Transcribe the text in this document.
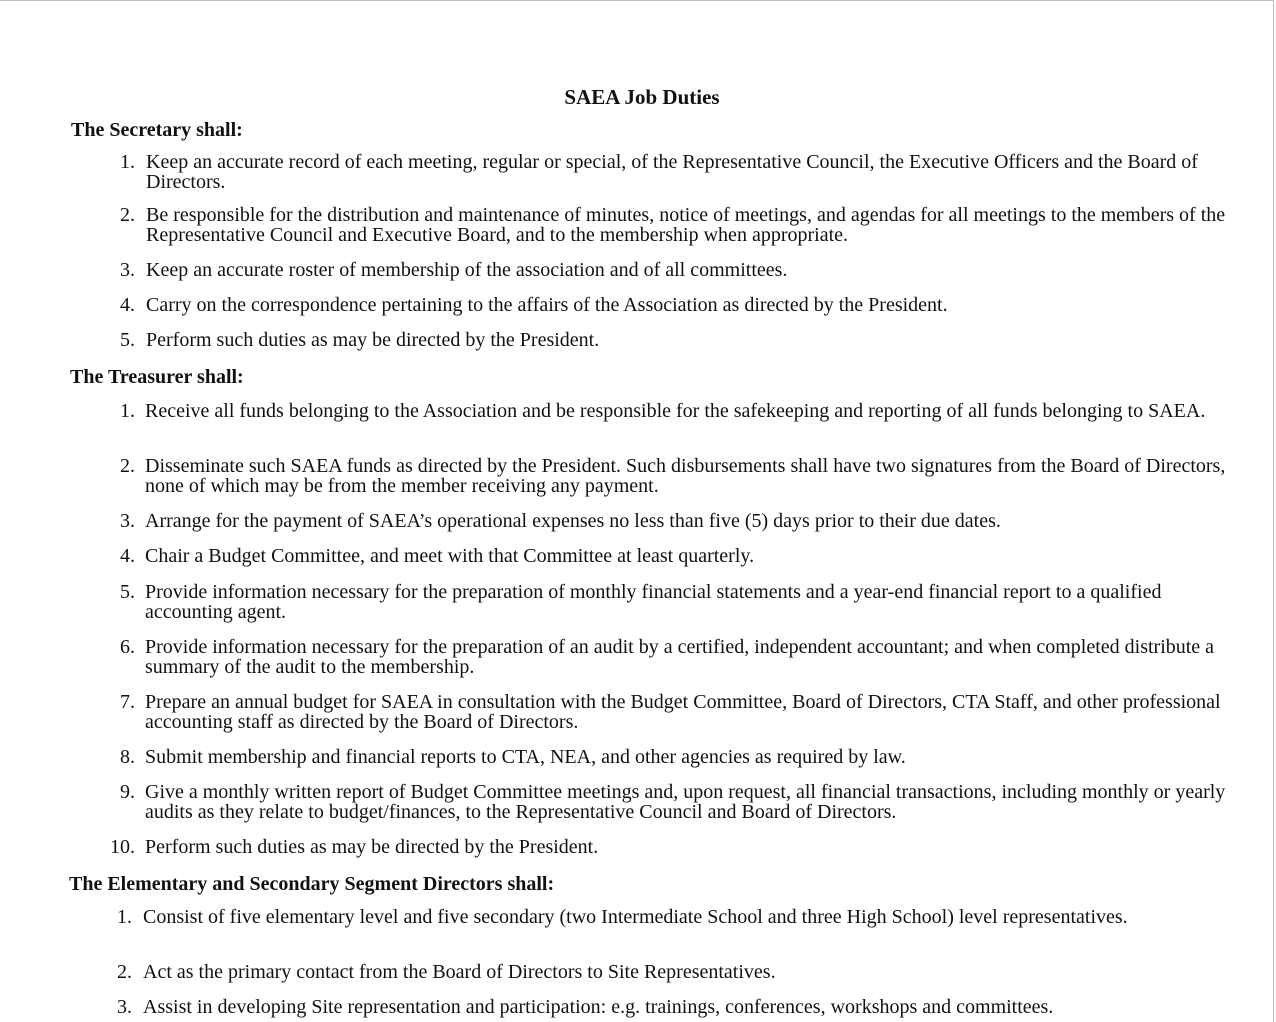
SAEA Job Duties
The Secretary shall:
1. Keep an accurate record of each meeting, regular or special, of the Representative Council, the Executive Officers and the Board of Directors.
2. Be responsible for the distribution and maintenance of minutes, notice of meetings, and agendas for all meetings to the members of the Representative Council and Executive Board, and to the membership when appropriate.
3. Keep an accurate roster of membership of the association and of all committees.
4. Carry on the correspondence pertaining to the affairs of the Association as directed by the President.
5. Perform such duties as may be directed by the President.
The Treasurer shall:
1. Receive all funds belonging to the Association and be responsible for the safekeeping and reporting of all funds belonging to SAEA.
2. Disseminate such SAEA funds as directed by the President. Such disbursements shall have two signatures from the Board of Directors, none of which may be from the member receiving any payment.
3. Arrange for the payment of SAEA’s operational expenses no less than five (5) days prior to their due dates.
4. Chair a Budget Committee, and meet with that Committee at least quarterly.
5. Provide information necessary for the preparation of monthly financial statements and a year-end financial report to a qualified accounting agent.
6. Provide information necessary for the preparation of an audit by a certified, independent accountant; and when completed distribute a summary of the audit to the membership.
7. Prepare an annual budget for SAEA in consultation with the Budget Committee, Board of Directors, CTA Staff, and other professional accounting staff as directed by the Board of Directors.
8. Submit membership and financial reports to CTA, NEA, and other agencies as required by law.
9. Give a monthly written report of Budget Committee meetings and, upon request, all financial transactions, including monthly or yearly audits as they relate to budget/finances, to the Representative Council and Board of Directors.
10. Perform such duties as may be directed by the President.
The Elementary and Secondary Segment Directors shall:
1. Consist of five elementary level and five secondary (two Intermediate School and three High School) level representatives.
2. Act as the primary contact from the Board of Directors to Site Representatives.
3. Assist in developing Site representation and participation: e.g. trainings, conferences, workshops and committees.
